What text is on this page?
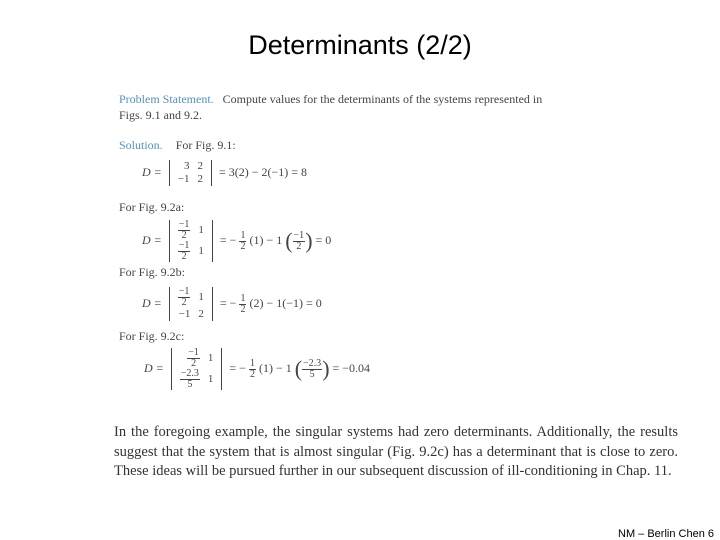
Determinants (2/2)
Problem Statement. Compute values for the determinants of the systems represented in
Figs. 9.1 and 9.2.
Solution. For Fig. 9.1:
D = 3	2
−1	2
= 3(2) − 2(−1) = 8
For Fig. 9.2a:
$D = \frac{-1}{2}$	1

$\frac{-1}{2}$	1
= − $\frac{1}{2} (1) - 1$ ( $\frac{-1}{2}$ ) = 0
For Fig. 9.2b:
$D = \frac{-1}{2}$	1
−1	2
= − $\frac{1}{2} (2) - 1(-1) = 0$
For Fig. 9.2c:
$D = \frac{-1}{2}$	1

$\frac{-2.3}{5}$	1
= − $\frac{1}{2} (1) - 1$ ( $\frac{-2.3}{5}$ ) = −0.04
In the foregoing example, the singular systems had zero determinants. Additionally, the results suggest that the system that is almost singular (Fig. 9.2c) has a determinant that is close to zero. These ideas will be pursued further in our subsequent discussion of ill-conditioning in Chap. 11.
NM – Berlin Chen 6
